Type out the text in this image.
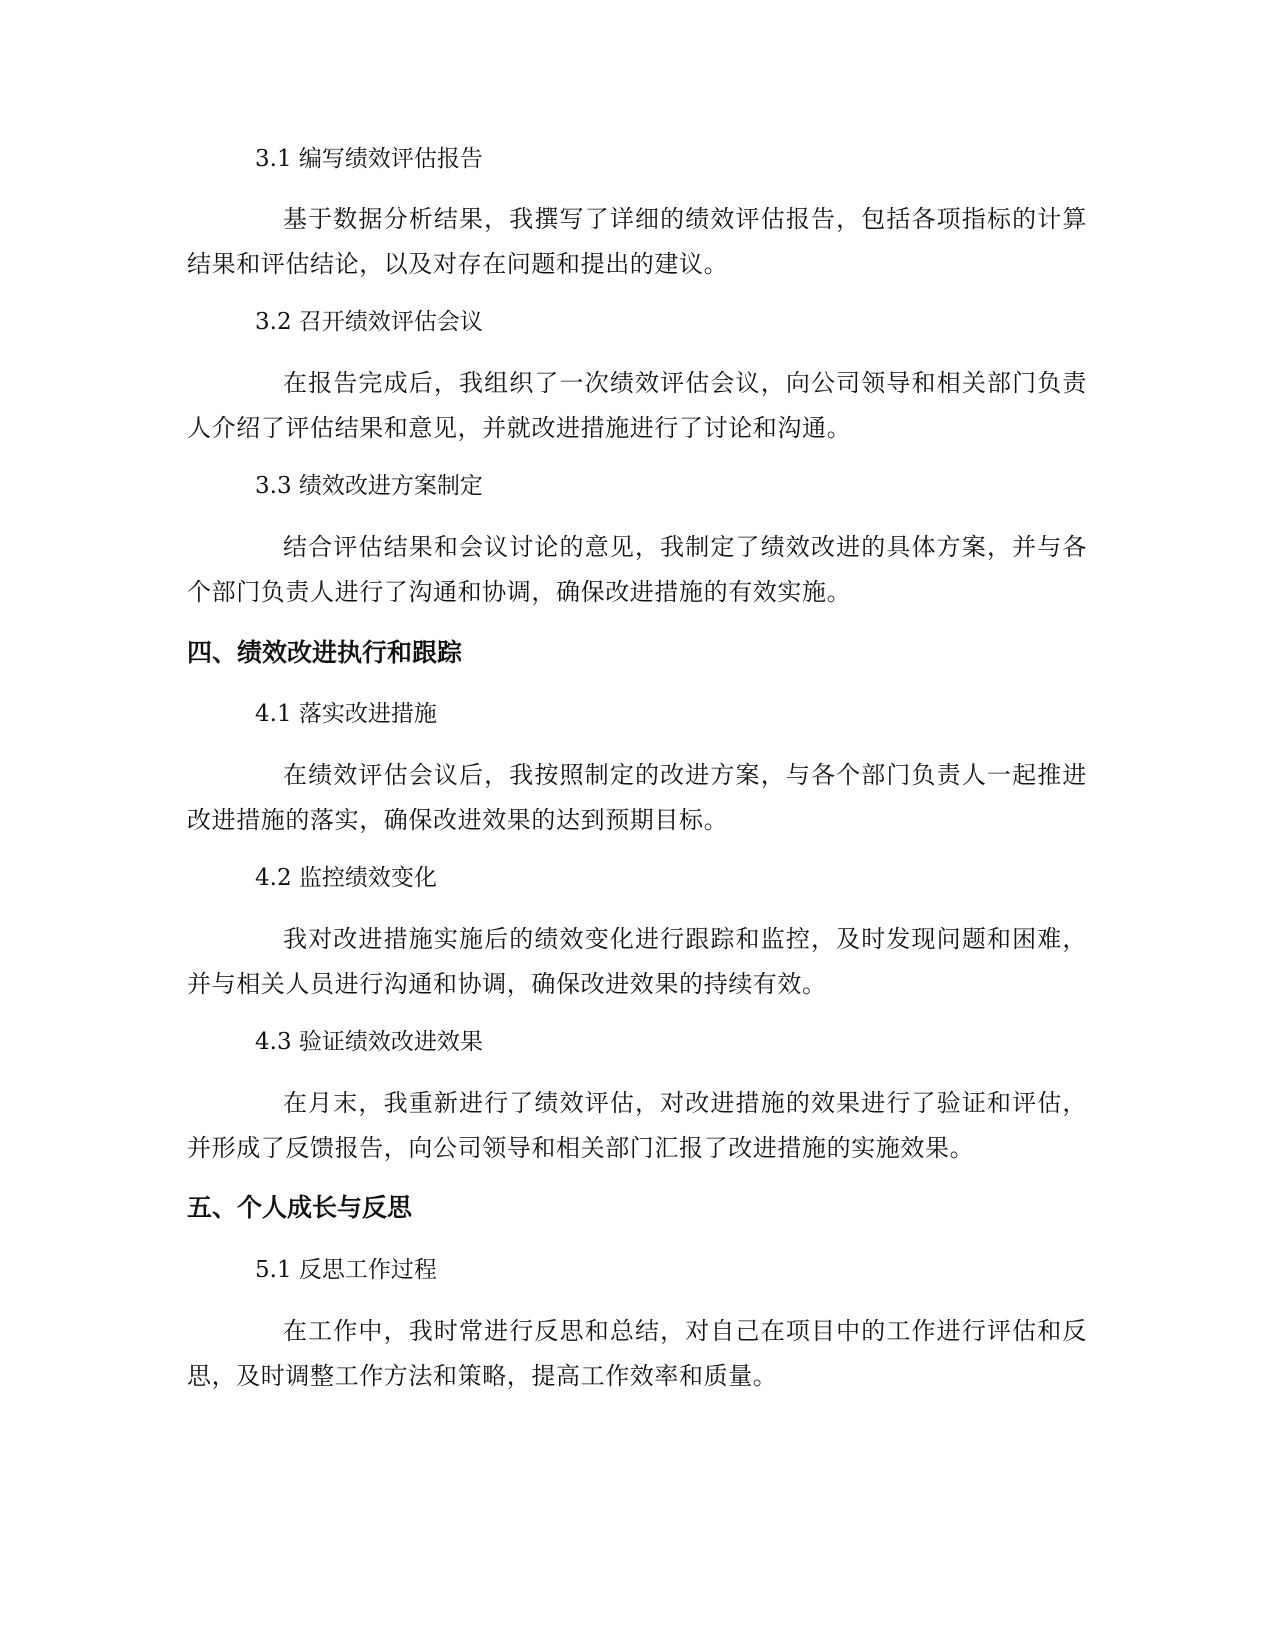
3.1 编写绩效评估报告

基于数据分析结果，我撰写了详细的绩效评估报告，包括各项指标的计算结果和评估结论，以及对存在问题和提出的建议。

3.2 召开绩效评估会议

在报告完成后，我组织了一次绩效评估会议，向公司领导和相关部门负责人介绍了评估结果和意见，并就改进措施进行了讨论和沟通。

3.3 绩效改进方案制定

结合评估结果和会议讨论的意见，我制定了绩效改进的具体方案，并与各个部门负责人进行了沟通和协调，确保改进措施的有效实施。

四、绩效改进执行和跟踪

4.1 落实改进措施

在绩效评估会议后，我按照制定的改进方案，与各个部门负责人一起推进改进措施的落实，确保改进效果的达到预期目标。

4.2 监控绩效变化

我对改进措施实施后的绩效变化进行跟踪和监控，及时发现问题和困难，并与相关人员进行沟通和协调，确保改进效果的持续有效。

4.3 验证绩效改进效果

在月末，我重新进行了绩效评估，对改进措施的效果进行了验证和评估，并形成了反馈报告，向公司领导和相关部门汇报了改进措施的实施效果。

五、个人成长与反思

5.1 反思工作过程

在工作中，我时常进行反思和总结，对自己在项目中的工作进行评估和反思，及时调整工作方法和策略，提高工作效率和质量。
